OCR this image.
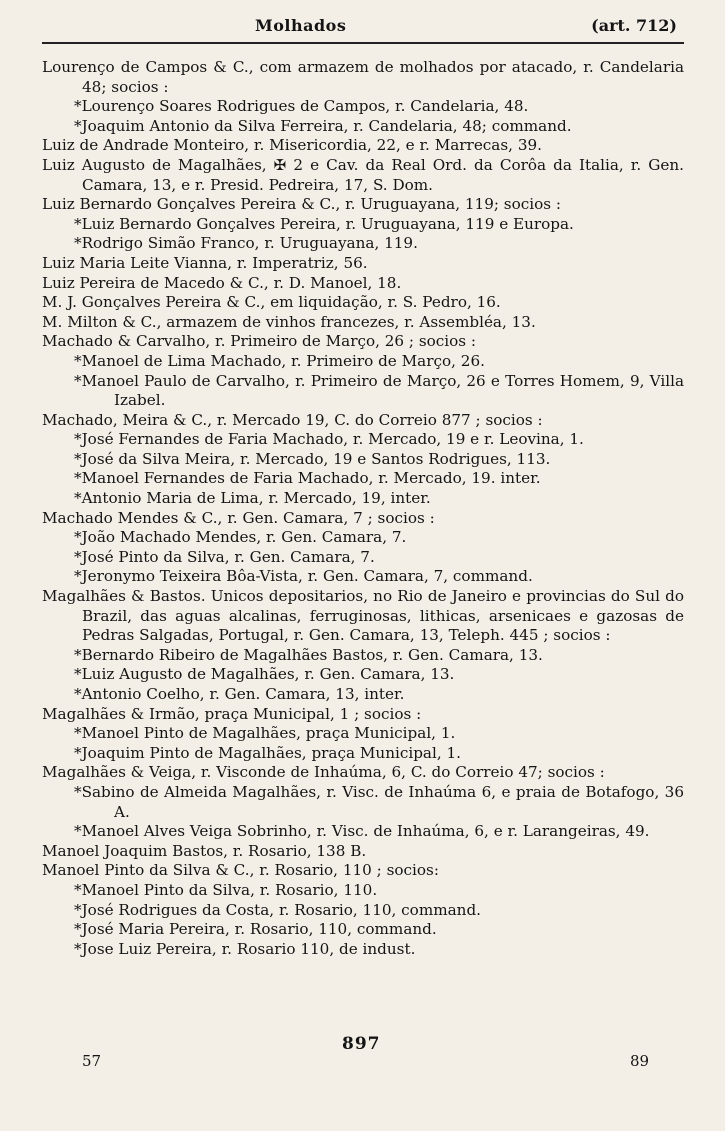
Molhados	(art. 712)
Lourenço de Campos & C., com armazem de molhados por atacado, r. Candelaria 48; socios :
*Lourenço Soares Rodrigues de Campos, r. Candelaria, 48.
*Joaquim Antonio da Silva Ferreira, r. Candelaria, 48; command.
Luiz de Andrade Monteiro, r. Misericordia, 22, e r. Marrecas, 39.
Luiz Augusto de Magalhães, ✠ 2 e Cav. da Real Ord. da Corôa da Italia, r. Gen. Camara, 13, e r. Presid. Pedreira, 17, S. Dom.
Luiz Bernardo Gonçalves Pereira & C., r. Uruguayana, 119; socios :
*Luiz Bernardo Gonçalves Pereira, r. Uruguayana, 119 e Europa.
*Rodrigo Simão Franco, r. Uruguayana, 119.
Luiz Maria Leite Vianna, r. Imperatriz, 56.
Luiz Pereira de Macedo & C., r. D. Manoel, 18.
M. J. Gonçalves Pereira & C., em liquidação, r. S. Pedro, 16.
M. Milton & C., armazem de vinhos francezes, r. Assembléa, 13.
Machado & Carvalho, r. Primeiro de Março, 26 ; socios :
*Manoel de Lima Machado, r. Primeiro de Março, 26.
*Manoel Paulo de Carvalho, r. Primeiro de Março, 26 e Torres Homem, 9, Villa Izabel.
Machado, Meira & C., r. Mercado 19, C. do Correio 877 ; socios :
*José Fernandes de Faria Machado, r. Mercado, 19 e r. Leovina, 1.
*José da Silva Meira, r. Mercado, 19 e Santos Rodrigues, 113.
*Manoel Fernandes de Faria Machado, r. Mercado, 19. inter.
*Antonio Maria de Lima, r. Mercado, 19, inter.
Machado Mendes & C., r. Gen. Camara, 7 ; socios :
*João Machado Mendes, r. Gen. Camara, 7.
*José Pinto da Silva, r. Gen. Camara, 7.
*Jeronymo Teixeira Bôa-Vista, r. Gen. Camara, 7, command.
Magalhães & Bastos. Unicos depositarios, no Rio de Janeiro e provincias do Sul do Brazil, das aguas alcalinas, ferruginosas, lithicas, arsenicaes e gazosas de Pedras Salgadas, Portugal, r. Gen. Camara, 13, Teleph. 445 ; socios :
*Bernardo Ribeiro de Magalhães Bastos, r. Gen. Camara, 13.
*Luiz Augusto de Magalhães, r. Gen. Camara, 13.
*Antonio Coelho, r. Gen. Camara, 13, inter.
Magalhães & Irmão, praça Municipal, 1 ; socios :
*Manoel Pinto de Magalhães, praça Municipal, 1.
*Joaquim Pinto de Magalhães, praça Municipal, 1.
Magalhães & Veiga, r. Visconde de Inhaúma, 6, C. do Correio 47; socios :
*Sabino de Almeida Magalhães, r. Visc. de Inhaúma 6, e praia de Botafogo, 36 A.
*Manoel Alves Veiga Sobrinho, r. Visc. de Inhaúma, 6, e r. Larangeiras, 49.
Manoel Joaquim Bastos, r. Rosario, 138 B.
Manoel Pinto da Silva & C., r. Rosario, 110 ; socios:
*Manoel Pinto da Silva, r. Rosario, 110.
*José Rodrigues da Costa, r. Rosario, 110, command.
*José Maria Pereira, r. Rosario, 110, command.
*Jose Luiz Pereira, r. Rosario 110, de indust.
57
897
89
